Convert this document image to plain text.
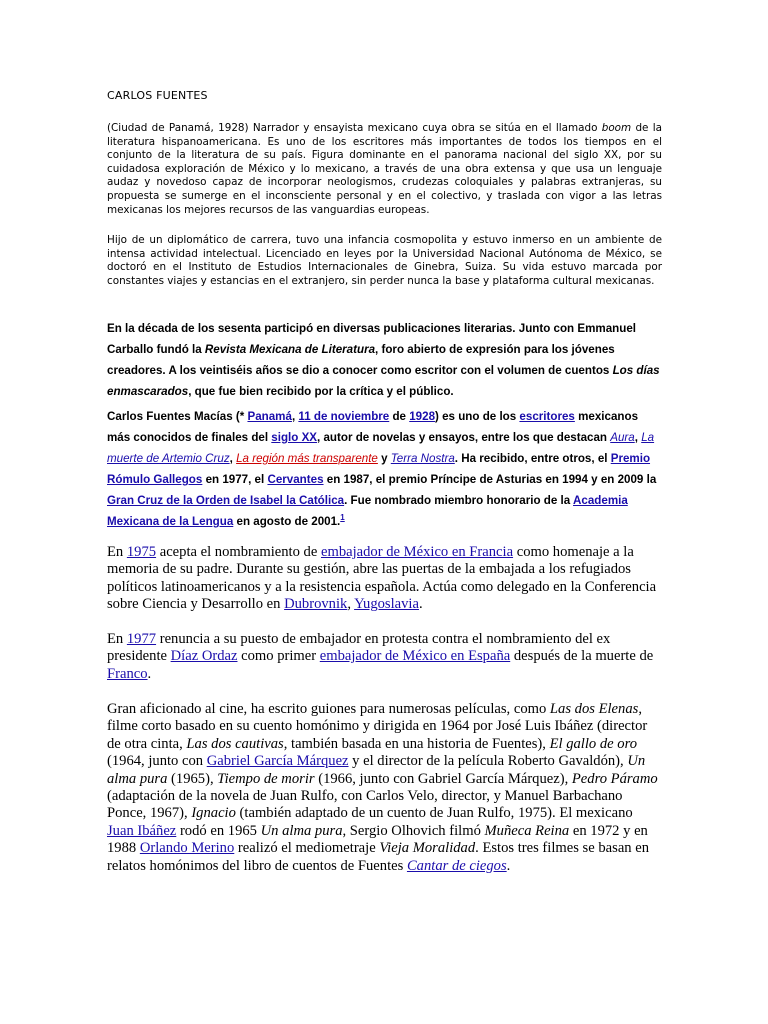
CARLOS FUENTES

(Ciudad de Panamá, 1928) Narrador y ensayista mexicano cuya obra se sitúa en el llamado boom de la literatura hispanoamericana. Es uno de los escritores más importantes de todos los tiempos en el conjunto de la literatura de su país. Figura dominante en el panorama nacional del siglo XX, por su cuidadosa exploración de México y lo mexicano, a través de una obra extensa y que usa un lenguaje audaz y novedoso capaz de incorporar neologismos, crudezas coloquiales y palabras extranjeras, su propuesta se sumerge en el inconsciente personal y en el colectivo, y traslada con vigor a las letras mexicanas los mejores recursos de las vanguardias europeas.

Hijo de un diplomático de carrera, tuvo una infancia cosmopolita y estuvo inmerso en un ambiente de intensa actividad intelectual. Licenciado en leyes por la Universidad Nacional Autónoma de México, se doctoró en el Instituto de Estudios Internacionales de Ginebra, Suiza. Su vida estuvo marcada por constantes viajes y estancias en el extranjero, sin perder nunca la base y plataforma cultural mexicanas.

En la década de los sesenta participó en diversas publicaciones literarias. Junto con Emmanuel Carballo fundó la Revista Mexicana de Literatura, foro abierto de expresión para los jóvenes creadores. A los veintiséis años se dio a conocer como escritor con el volumen de cuentos Los días enmascarados, que fue bien recibido por la crítica y el público.

Carlos Fuentes Macías (* Panamá, 11 de noviembre de 1928) es uno de los escritores mexicanos más conocidos de finales del siglo XX, autor de novelas y ensayos, entre los que destacan Aura, La muerte de Artemio Cruz, La región más transparente y Terra Nostra. Ha recibido, entre otros, el Premio Rómulo Gallegos en 1977, el Cervantes en 1987, el premio Príncipe de Asturias en 1994 y en 2009 la Gran Cruz de la Orden de Isabel la Católica. Fue nombrado miembro honorario de la Academia Mexicana de la Lengua en agosto de 2001.$^1$

En 1975 acepta el nombramiento de embajador de México en Francia como homenaje a la memoria de su padre. Durante su gestión, abre las puertas de la embajada a los refugiados políticos latinoamericanos y a la resistencia española. Actúa como delegado en la Conferencia sobre Ciencia y Desarrollo en Dubrovnik, Yugoslavia.

En 1977 renuncia a su puesto de embajador en protesta contra el nombramiento del ex presidente Díaz Ordaz como primer embajador de México en España después de la muerte de Franco.

Gran aficionado al cine, ha escrito guiones para numerosas películas, como Las dos Elenas, filme corto basado en su cuento homónimo y dirigida en 1964 por José Luis Ibáñez (director de otra cinta, Las dos cautivas, también basada en una historia de Fuentes), El gallo de oro (1964, junto con Gabriel García Márquez y el director de la película Roberto Gavaldón), Un alma pura (1965), Tiempo de morir (1966, junto con Gabriel García Márquez), Pedro Páramo (adaptación de la novela de Juan Rulfo, con Carlos Velo, director, y Manuel Barbachano Ponce, 1967), Ignacio (también adaptado de un cuento de Juan Rulfo, 1975). El mexicano Juan Ibáñez rodó en 1965 Un alma pura, Sergio Olhovich filmó Muñeca Reina en 1972 y en 1988 Orlando Merino realizó el mediometraje Vieja Moralidad. Estos tres filmes se basan en relatos homónimos del libro de cuentos de Fuentes Cantar de ciegos.
